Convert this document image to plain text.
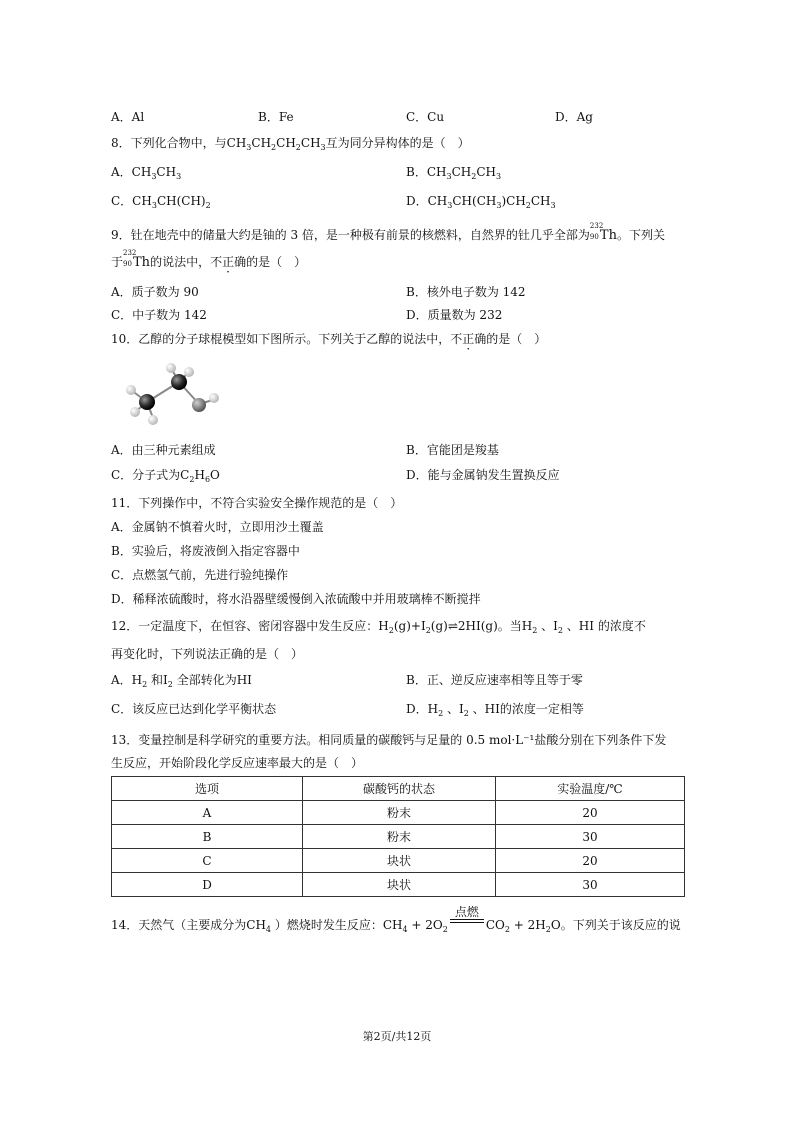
A．Al	B．Fe	C．Cu	D．Ag
8．下列化合物中，与$CH_3CH_2CH_2CH_3$互为同分异构体的是（　）
A．$CH_3CH_3$	B．$CH_3CH_2CH_3$
C．$CH_3CH(CH)_2$	D．$CH_3CH(CH_3)CH_2CH_3$
9．钍在地壳中的储量大约是铀的 3 倍，是一种极有前景的核燃料，自然界的钍几乎全部为
232
90 Th。下列关
于
232
90 Th的说法中，不正确的是（　）
A．质子数为 90	B．核外电子数为 142
C．中子数为 142	D．质量数为 232
10．乙醇的分子球棍模型如下图所示。下列关于乙醇的说法中，不正确的是（　）
A．由三种元素组成	B．官能团是羧基
C．分子式为$C_2H_6O$	D．能与金属钠发生置换反应
11．下列操作中，不符合实验安全操作规范的是（　）
A．金属钠不慎着火时，立即用沙土覆盖
B．实验后，将废液倒入指定容器中
C．点燃氢气前，先进行验纯操作
D．稀释浓硫酸时，将水沿器壁缓慢倒入浓硫酸中并用玻璃棒不断搅拌
12．一定温度下，在恒容、密闭容器中发生反应：$H_2(g)+I_2(g)\rightleftharpoons 2HI(g)$。当$H_2$ 、$I_2$ 、HI 的浓度不
再变化时，下列说法正确的是（　）
A．$H_2$ 和$I_2$ 全部转化为HI	B．正、逆反应速率相等且等于零
C．该反应已达到化学平衡状态	D．$H_2$ 、$I_2$ 、HI的浓度一定相等
13．变量控制是科学研究的重要方法。相同质量的碳酸钙与足量的 0.5 mol·L⁻¹盐酸分别在下列条件下发
生反应，开始阶段化学反应速率最大的是（　）
选项	碳酸钙的状态	实验温度/℃
A	粉末	20
B	粉末	30
C	块状	20
D	块状	30
14．天然气（主要成分为$CH_4$ ）燃烧时发生反应：$CH_4 + 2O_2$
点燃
$CO_2 + 2H_2O$。下列关于该反应的说
第2页/共12页
